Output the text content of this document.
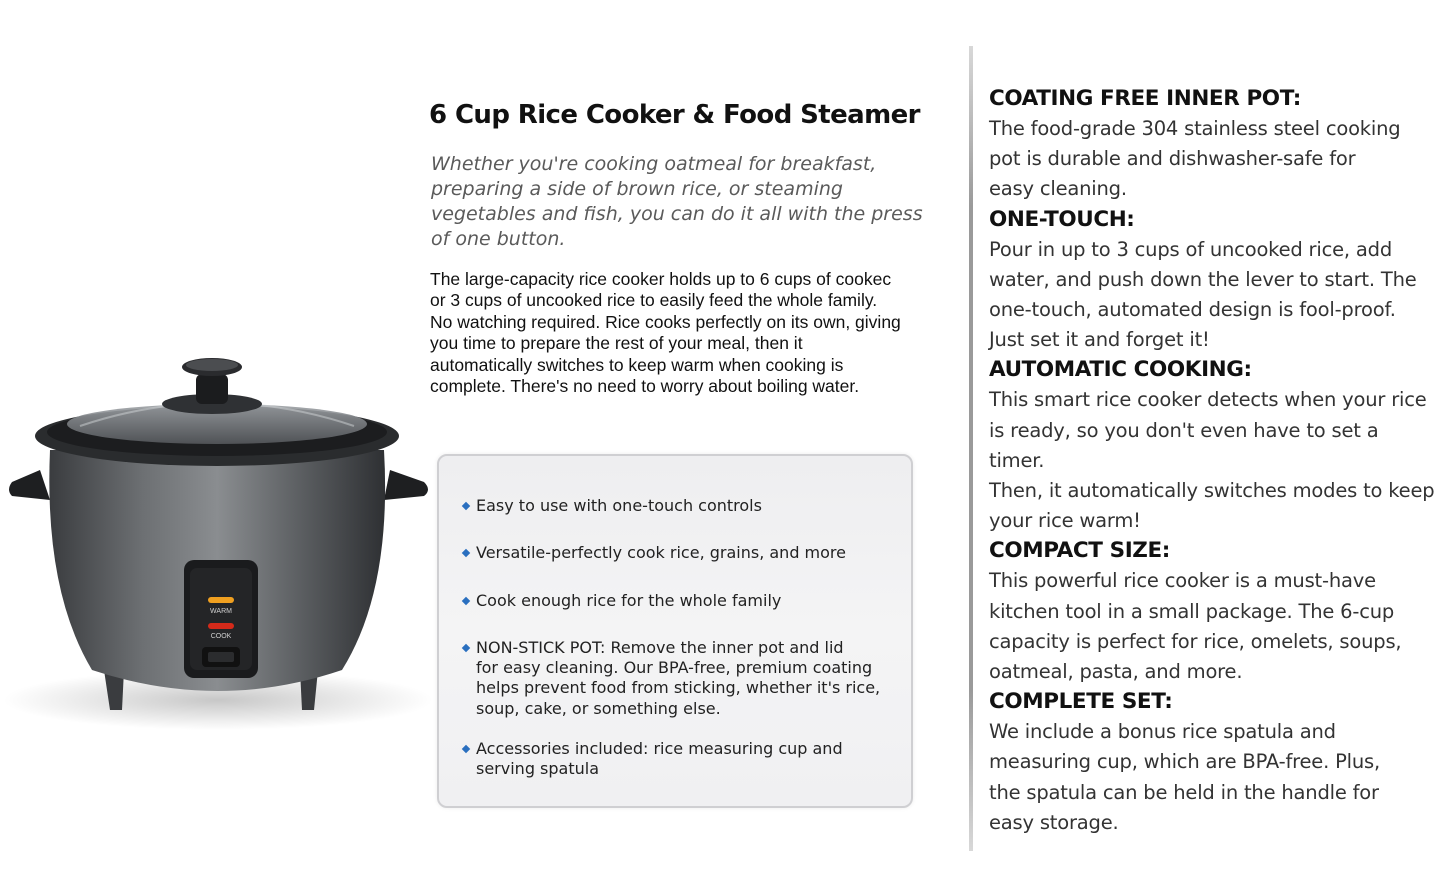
WARM
COOK
6 Cup Rice Cooker & Food Steamer

Whether you're cooking oatmeal for breakfast,
preparing a side of brown rice, or steaming
vegetables and fish, you can do it all with the press
of one button.

The large-capacity rice cooker holds up to 6 cups of cookec
or 3 cups of uncooked rice to easily feed the whole family.
No watching required. Rice cooks perfectly on its own, giving
you time to prepare the rest of your meal, then it
automatically switches to keep warm when cooking is
complete. There's no need to worry about boiling water.

Easy to use with one-touch controls
Versatile-perfectly cook rice, grains, and more
Cook enough rice for the whole family
NON-STICK POT: Remove the inner pot and lid
for easy cleaning. Our BPA-free, premium coating
helps prevent food from sticking, whether it's rice,
soup, cake, or something else.
Accessories included: rice measuring cup and
serving spatula
COATING FREE INNER POT:

The food-grade 304 stainless steel cooking
pot is durable and dishwasher-safe for
easy cleaning.

ONE-TOUCH:

Pour in up to 3 cups of uncooked rice, add
water, and push down the lever to start. The
one-touch, automated design is fool-proof.
Just set it and forget it!

AUTOMATIC COOKING:

This smart rice cooker detects when your rice
is ready, so you don't even have to set a timer.
Then, it automatically switches modes to keep
your rice warm!

COMPACT SIZE:

This powerful rice cooker is a must-have
kitchen tool in a small package. The 6-cup
capacity is perfect for rice, omelets, soups,
oatmeal, pasta, and more.

COMPLETE SET:

We include a bonus rice spatula and
measuring cup, which are BPA-free. Plus,
the spatula can be held in the handle for
easy storage.
